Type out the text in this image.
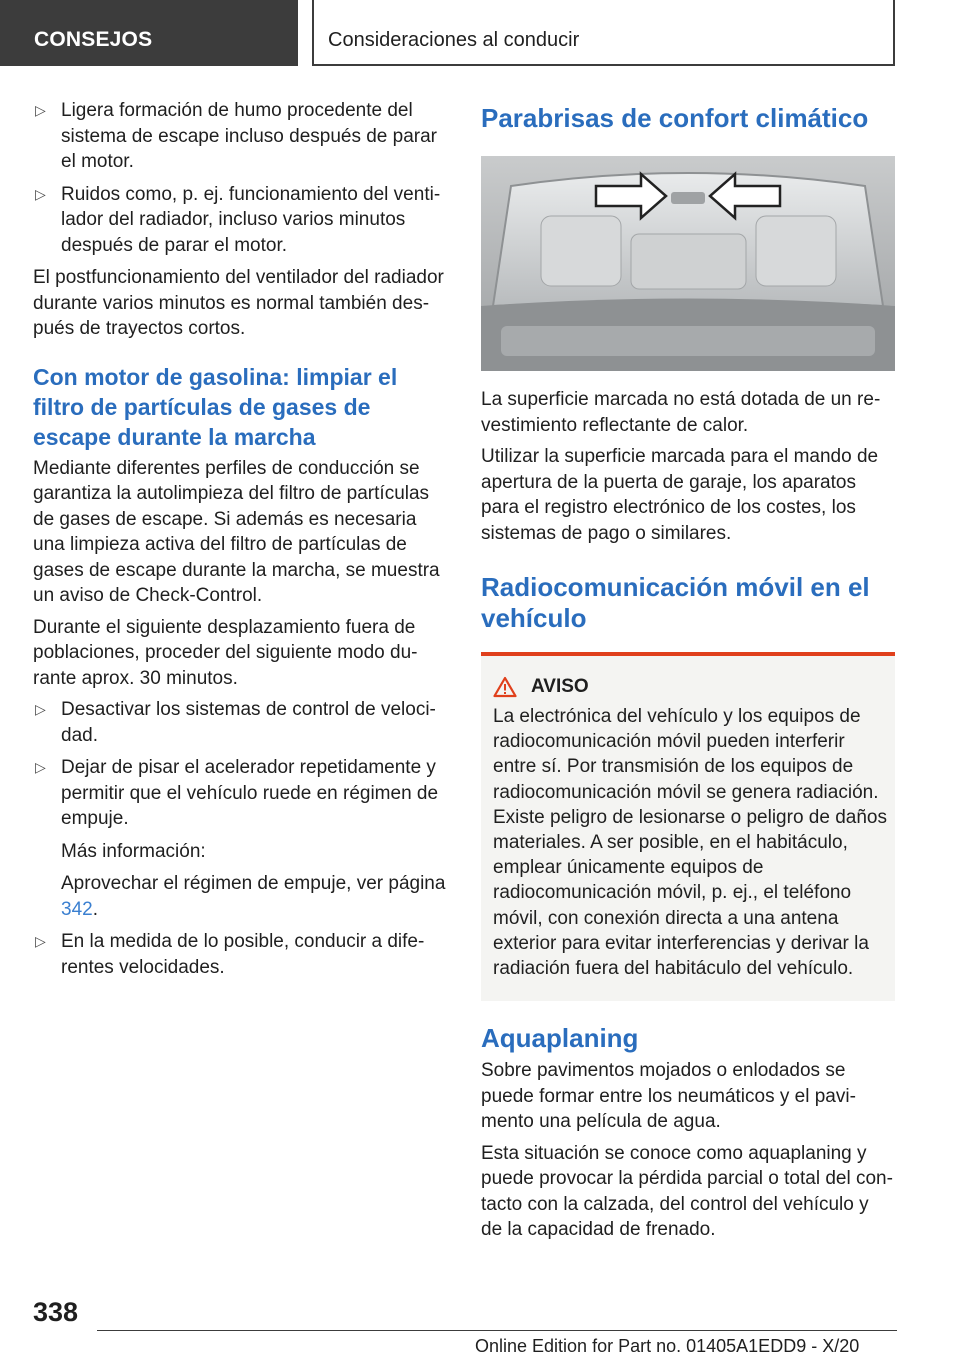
CONSEJOS	Consideraciones al conducir
▷ Ligera formación de humo procedente del sistema de escape incluso después de parar el motor.
▷ Ruidos como, p. ej. funcionamiento del ventilador del radiador, incluso varios minutos después de parar el motor.

El postfuncionamiento del ventilador del radiador durante varios minutos es normal también después de trayectos cortos.

Con motor de gasolina: limpiar el filtro de partículas de gases de escape durante la marcha

Mediante diferentes perfiles de conducción se garantiza la autolimpieza del filtro de partículas de gases de escape. Si además es necesaria una limpieza activa del filtro de partículas de gases de escape durante la marcha, se muestra un aviso de Check-Control.

Durante el siguiente desplazamiento fuera de poblaciones, proceder del siguiente modo durante aprox. 30 minutos.

▷ Desactivar los sistemas de control de velocidad.
▷ Dejar de pisar el acelerador repetidamente y permitir que el vehículo ruede en régimen de empuje.
Más información:
Aprovechar el régimen de empuje, ver página 342.
▷ En la medida de lo posible, conducir a diferentes velocidades.
Parabrisas de confort climático

La superficie marcada no está dotada de un revestimiento reflectante de calor.

Utilizar la superficie marcada para el mando de apertura de la puerta de garaje, los aparatos para el registro electrónico de los costes, los sistemas de pago o similares.

Radiocomunicación móvil en el vehículo
AVISO
La electrónica del vehículo y los equipos de radiocomunicación móvil pueden interferir entre sí. Por transmisión de los equipos de radiocomunicación móvil se genera radiación. Existe peligro de lesionarse o peligro de daños materiales. A ser posible, en el habitáculo, emplear únicamente equipos de radiocomunicación móvil, p. ej., el teléfono móvil, con conexión directa a una antena exterior para evitar interferencias y derivar la radiación fuera del habitáculo del vehículo.
Aquaplaning

Sobre pavimentos mojados o enlodados se puede formar entre los neumáticos y el pavimento una película de agua.

Esta situación se conoce como aquaplaning y puede provocar la pérdida parcial o total del contacto con la calzada, del control del vehículo y de la capacidad de frenado.

338
Online Edition for Part no. 01405A1EDD9 - X/20
